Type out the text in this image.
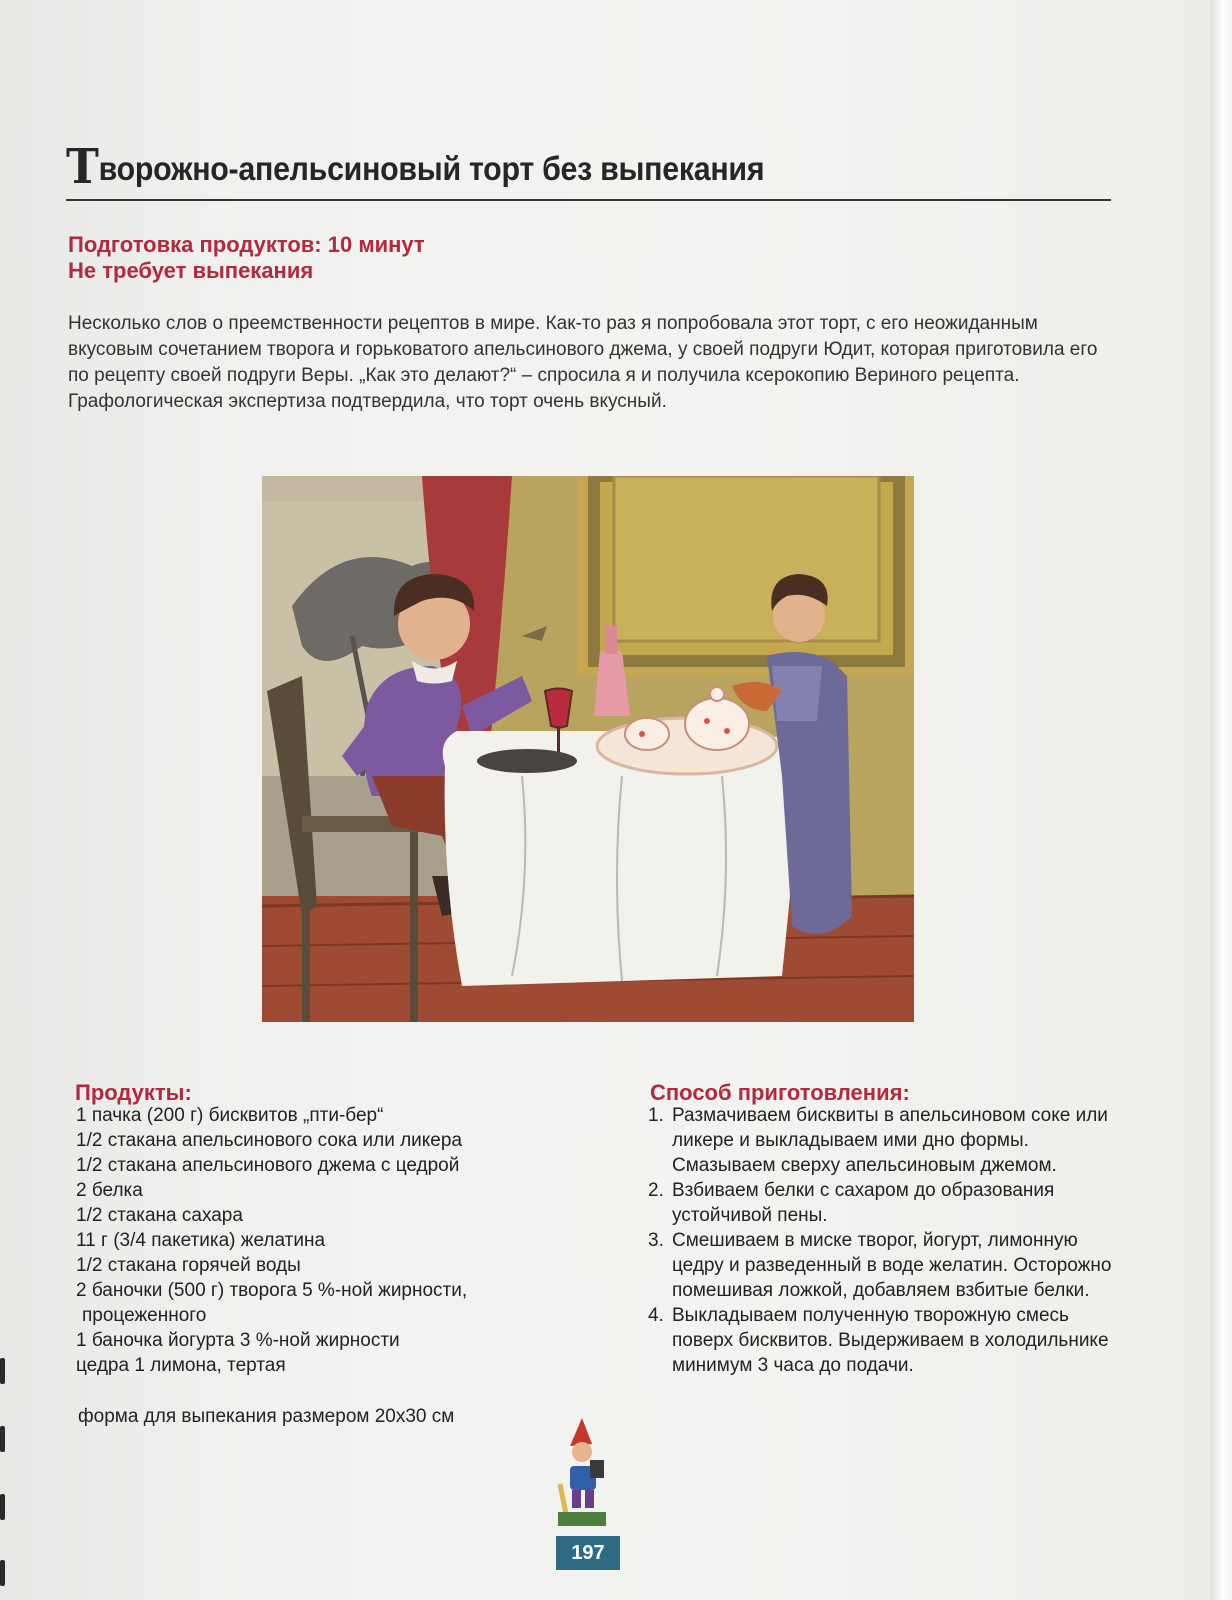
Творожно-апельсиновый торт без выпекания
Подготовка продуктов: 10 минут
Не требует выпекания

Несколько слов о преемственности рецептов в мире. Как-то раз я попробовала этот торт, с его неожиданным вкусовым сочетанием творога и горьковатого апельсинового джема, у своей подруги Юдит, которая приготовила его по рецепту своей подруги Веры. „Как это делают?“ – спросила я и получила ксерокопию Вериного рецепта. Графологическая экспертиза подтвердила, что торт очень вкусный.

Продукты:
1 пачка (200 г) бисквитов „пти-бер“
1/2 стакана апельсинового сока или ликера
1/2 стакана апельсинового джема с цедрой
2 белка
1/2 стакана сахара
11 г (3/4 пакетика) желатина
1/2 стакана горячей воды
2 баночки (500 г) творога 5 %-ной жирности,
процеженного
1 баночка йогурта 3 %-ной жирности
цедра 1 лимона, тертая
форма для выпекания размером 20х30 см
Способ приготовления:
1. Размачиваем бисквиты в апельсиновом соке или ликере и выкладываем ими дно формы. Смазываем сверху апельсиновым джемом.
2. Взбиваем белки с сахаром до образования устойчивой пены.
3. Смешиваем в миске творог, йогурт, лимонную цедру и разведенный в воде желатин. Осторожно помешивая ложкой, добавляем взбитые белки.
4. Выкладываем полученную творожную смесь поверх бисквитов. Выдерживаем в холодильнике минимум 3 часа до подачи.
197
